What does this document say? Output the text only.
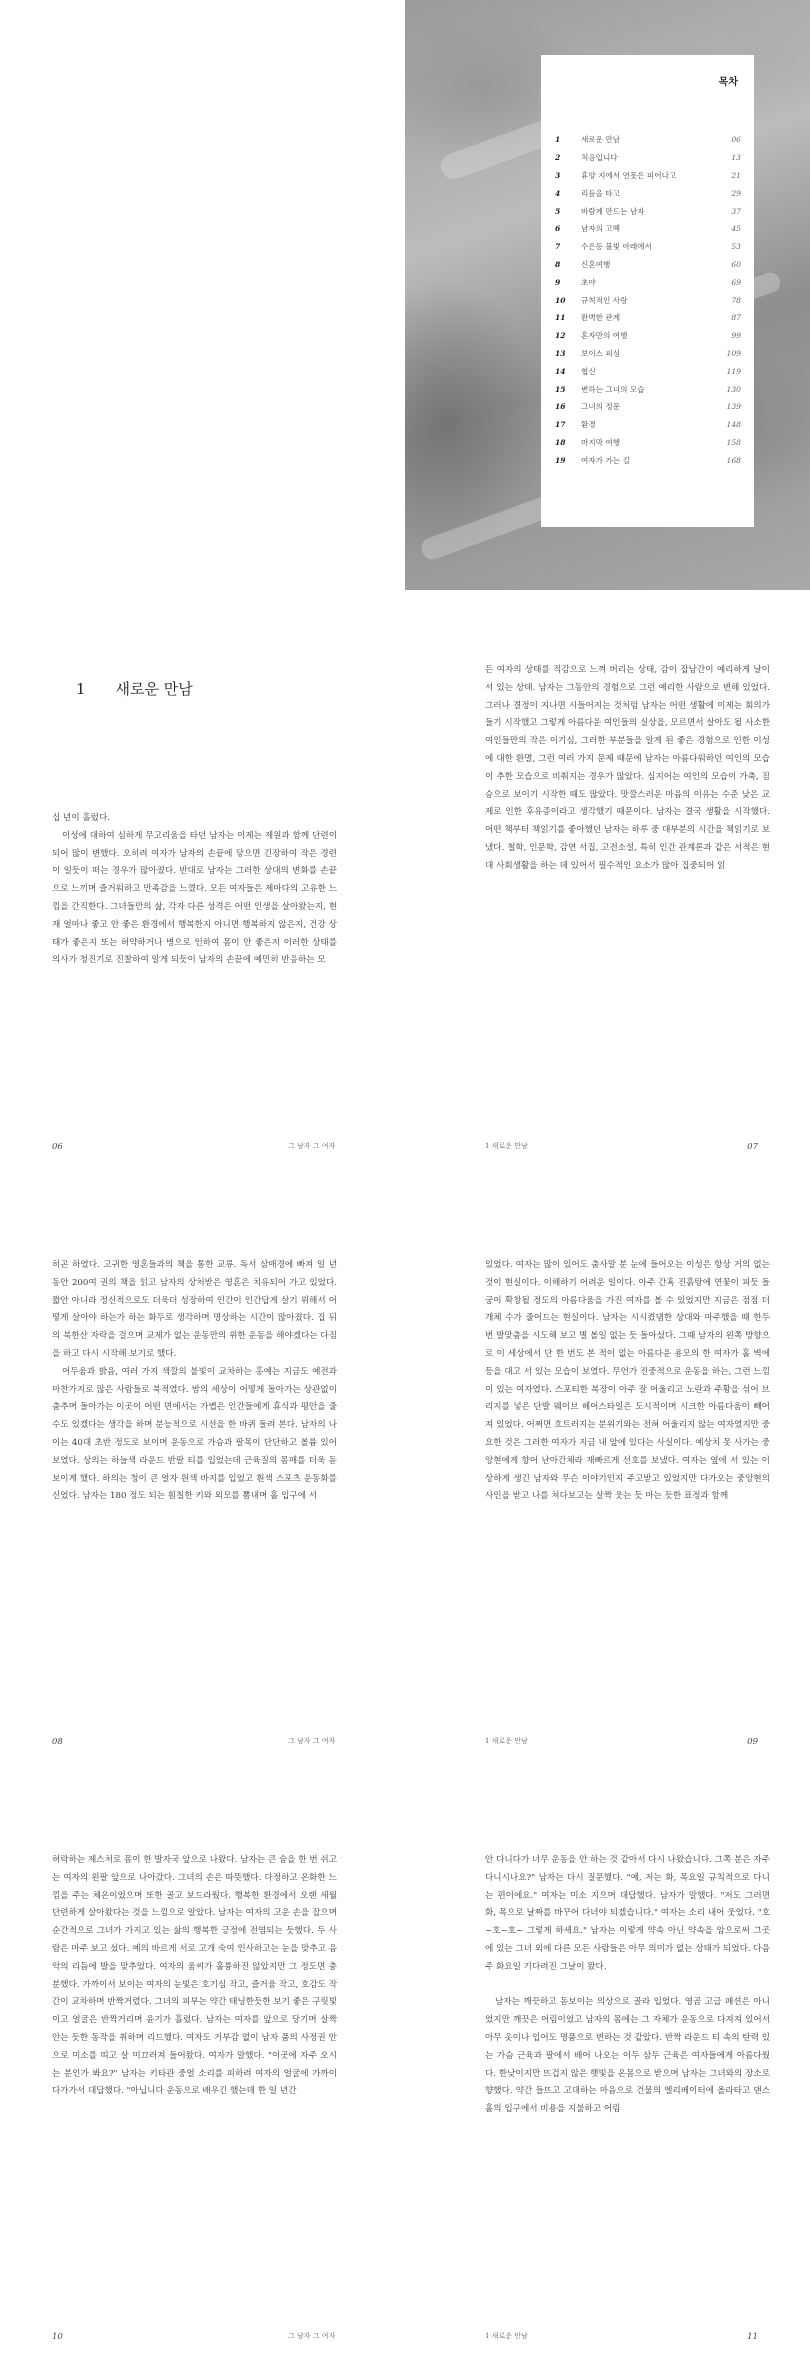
목차
1	새로운 만남	06
2	처음입니다	13
3	휴양 지에서 연못은 피어나고	21
4	리듬을 타고	29
5	바람계 만드는 남자	37
6	남자의 고백	45
7	수은등 불빛 아래에서	53
8	신혼여행	60
9	초야	69
10	규칙적인 사랑	78
11	완벽한 관계	87
12	혼자만의 여행	99
13	보이스 피싱	109
14	협신	119
15	변하는 그녀의 모습	130
16	그녀의 정문	139
17	환경	148
18	마지막 여행	158
19	여자가 가는 길	168
1 새로운 만남

십 년이 흘렀다.

이성에 대하여 심하게 무고리움을 타던 남자는 이제는 제원과 함께 단련이 되어 많이 변했다. 오히려 여자가 남자의 손끝에 닿으면 긴장하여 작은 경련이 일듯이 떠는 경우가 많아졌다. 반대로 남자는 그러한 상대의 변화를 손끝으로 느끼며 즐거워하고 만족감을 느꼈다. 모든 여자들은 제마다의 고유한 느낌을 간직한다. 그녀들만의 삶, 각자 다른 성격은 어떤 인생을 살아왔는지, 현재 얼마나 좋고 안 좋은 환경에서 행복한지 아니면 행복하지 않은지, 건강 상태가 좋은지 또는 허약하거나 병으로 인하여 몸이 안 좋은지 이러한 상태를 의사가 청진기로 진찰하여 알게 되듯이 남자의 손끝에 예민히 반응하는 모

06	그 남자 그 여자

든 여자의 상태를 직감으로 느껴 버리는 상태, 감이 잡남간이 예리하게 날이 서 있는 상태. 남자는 그동안의 경험으로 그런 예리한 사람으로 변해 있었다. 그러나 결정이 지나면 시들어지는 것처럼 남자는 어떤 생활에 이제는 회의가 들기 시작했고 그렇게 아름다운 여인들의 실상을, 모르면서 살아도 될 사소한 여인들만의 작은 이기심, 그러한 부분들을 알게 된 좋은 경험으로 인한 이성에 대한 환멸, 그런 여러 가지 문제 때문에 남자는 아름다워하던 여인의 모습이 추한 모습으로 비춰지는 경우가 많았다. 심지어는 여인의 모습이 가축, 짐승으로 보이기 시작한 때도 많았다. 맛깔스러운 마음의 이유는 수준 낮은 교제로 인한 후유증이라고 생각했기 때문이다. 남자는 결국 생활을 시작했다. 어떤 책부터 책읽기를 좋아했던 남자는 하루 중 대부분의 시간을 책읽기로 보냈다. 철학, 인문학, 감연 서집, 고전소설, 특히 인간 관계론과 같은 서적은 현대 사회생활을 하는 데 있어서 필수적인 요소가 많아 집중되어 읽

1 새로운 만남	07

히곤 하였다. 고귀한 영혼들과의 책을 통한 교류. 독서 삼매경에 빠져 일 년 동안 200여 권의 책을 읽고 남자의 상처받은 영혼은 치유되어 가고 있었다. 짧안 아니라 정신적으로도 더욱더 성장하여 인간이 인간답게 살기 위해서 어떻게 살아야 하는가 하는 화두로 생각하며 명상하는 시간이 많아졌다. 집 뒤의 북한산 자락을 걸으며 교제가 없는 운동만의 위한 운동을 해야겠다는 다짐을 하고 다시 시작해 보기로 했다.

어두움과 밝음, 여러 가지 색깔의 불빛이 교차하는 홍예는 지금도 예전과 마찬가지로 많은 사람들로 북적였다. 밤의 세상이 어떻게 돌아가는 상관없이 춤추며 돌아가는 이곳이 어떤 면에서는 가볍은 인간들에게 휴식과 평안을 줄 수도 있겠다는 생각을 하며 분능적으로 시선을 한 바퀴 돌려 본다. 남자의 나이는 40대 초반 정도로 보이며 운동으로 가슴과 팔목이 단단하고 볼륨 있어 보였다. 상의는 하늘색 라운드 반팔 티를 입었는데 근육질의 몸매를 더욱 돋보이게 했다. 하의는 청이 큰 얼자 원색 바지를 입었고 흰색 스포츠 운동화를 신었다. 남자는 180 정도 되는 훤칠한 키와 외모를 뽐내며 홀 입구에 서

08	그 남자 그 여자

있었다. 여자는 많이 있어도 춤사말 분 눈에 들어오는 이성은 항상 거의 없는 것이 현실이다. 이해하기 어려운 일이다. 아주 간혹 진흙탕에 연꽃이 피듯 돌궁이 확창될 정도의 아름다움을 가진 여자를 볼 수 있었지만 지금은 점점 더 개체 수가 줄어드는 현실이다. 남자는 시시켰댐한 상대와 마주했을 때 한두 번 발맞춤을 시도해 보고 별 볼일 없는 듯 돌아섰다. 그때 남자의 왼쪽 방향으로 이 세상에서 단 한 번도 본 적이 없는 아름다운 용모의 한 여자가 홀 벽에 등을 대고 서 있는 모습이 보였다. 무언가 진중적으로 운동을 하는, 그런 느낌이 있는 여자였다. 스포티한 복장이 아주 잘 어울리고 노란과 주황을 섞어 브리지를 넣은 단발 웨이브 헤어스타일은 도시적이며 시크한 아름다움이 빼어져 있었다. 어쩌면 흐트러지는 분위기와는 전혀 어울리지 않는 여자였지만 중요한 것은 그러한 여자가 지금 내 앞에 있다는 사실이다. 예상치 못 사가는 중앙현에게 향어 난아간채라 재빠르게 선호를 보냈다. 여자는 옆에 서 있는 이상하게 생긴 남자와 무슨 이야기인지 주고받고 있었지만 다가오는 중앙현의 사인을 받고 나를 쳐다보고는 살짝 웃는 듯 마는 듯한 표정과 함께

1 새로운 만남	09

허락하는 제스처로 몸이 한 발자국 앞으로 나왔다. 남자는 큰 숨을 한 번 쉬고는 여자의 왼팔 앞으로 나아갔다. 그녀의 손은 따뜻했다. 다정하고 온화한 느낌을 주는 체온이었으며 또한 골고 보드라웠다. 행복한 환경에서 오랜 세월 단련하게 살아왔다는 것을 느낌으로 알았다. 남자는 여자의 고운 손을 잡으며 순간적으로 그녀가 가지고 있는 삶의 행복한 긍정에 전염되는 듯했다. 두 사람은 마주 보고 섰다. 예의 바르게 서로 고개 숙여 인사하고는 눈을 맞추고 음악의 리듬에 발을 맞추었다. 여자의 움씨가 훌륭하진 않았지만 그 정도면 충분했다. 가까이서 보이는 여자의 눈빛은 호기심 작고, 즐거움 작고, 호감도 작간이 교차하며 반짝거렸다. 그녀의 피부는 약간 태닝한듯한 보기 좋은 구릿빛이고 얼굴은 반짝거리며 윤기가 흘렀다. 남자는 여자를 앞으로 당기며 살짝 안는 듯한 동작을 취하며 리드했다. 여자도 거부감 없이 남자 품의 사정권 안으로 미소를 띠고 살 미끄러져 들어왔다. 여자가 말했다. "이곳에 자주 오시는 분인가 봐요?" 남자는 키타관 중얼 소리를 피하려 여자의 얼굴에 가까이 다가가서 대답했다. "아닙니다 운동으로 배우긴 했는데 한 일 년간

10	그 남자 그 여자

안 다니다가 너무 운동을 안 하는 것 같아서 다시 나왔습니다. 그쪽 분은 자주 다니시나요?" 남자는 다시 질문했다. "예, 저는 화, 목요일 규칙적으로 다니는 편이에요." 여자는 미소 지으며 대답했다. 남자가 말했다. "저도 그러면 화, 목으로 날짜를 바꾸어 다녀야 되겠습니다." 여자는 소리 내어 웃었다. "호~호~호~ 그렇게 하세요." 남자는 이렇게 약속 아닌 약속을 암으로써 그곳에 있는 그녀 외에 다른 모든 사람들은 아무 의미가 없는 상태가 되었다. 다음 주 화요일 기다려진 그날이 왔다.

남자는 깨끗하고 돋보이는 의상으로 골라 입었다. 영곰 고급 패션은 아니었지만 깨끗은 어림이었고 남자의 몸에는 그 자체가 운동으로 다져져 있어서 아무 옷이나 입어도 명품으로 변하는 것 같았다. 반짝 라운드 티 속의 탄력 있는 가슴 근육과 팔에서 배어 나오는 이두 삼두 근육은 여자들에게 아름다웠다. 한낮이지만 뜨겁지 않은 햇빛을 온몸으로 받으며 남자는 그녀와의 장소로 향했다. 약간 들뜨고 고대하는 마음으로 건물의 엘리베이터에 올라타고 댄스홀의 입구에서 비용을 지불하고 어림

1 새로운 만남	11
